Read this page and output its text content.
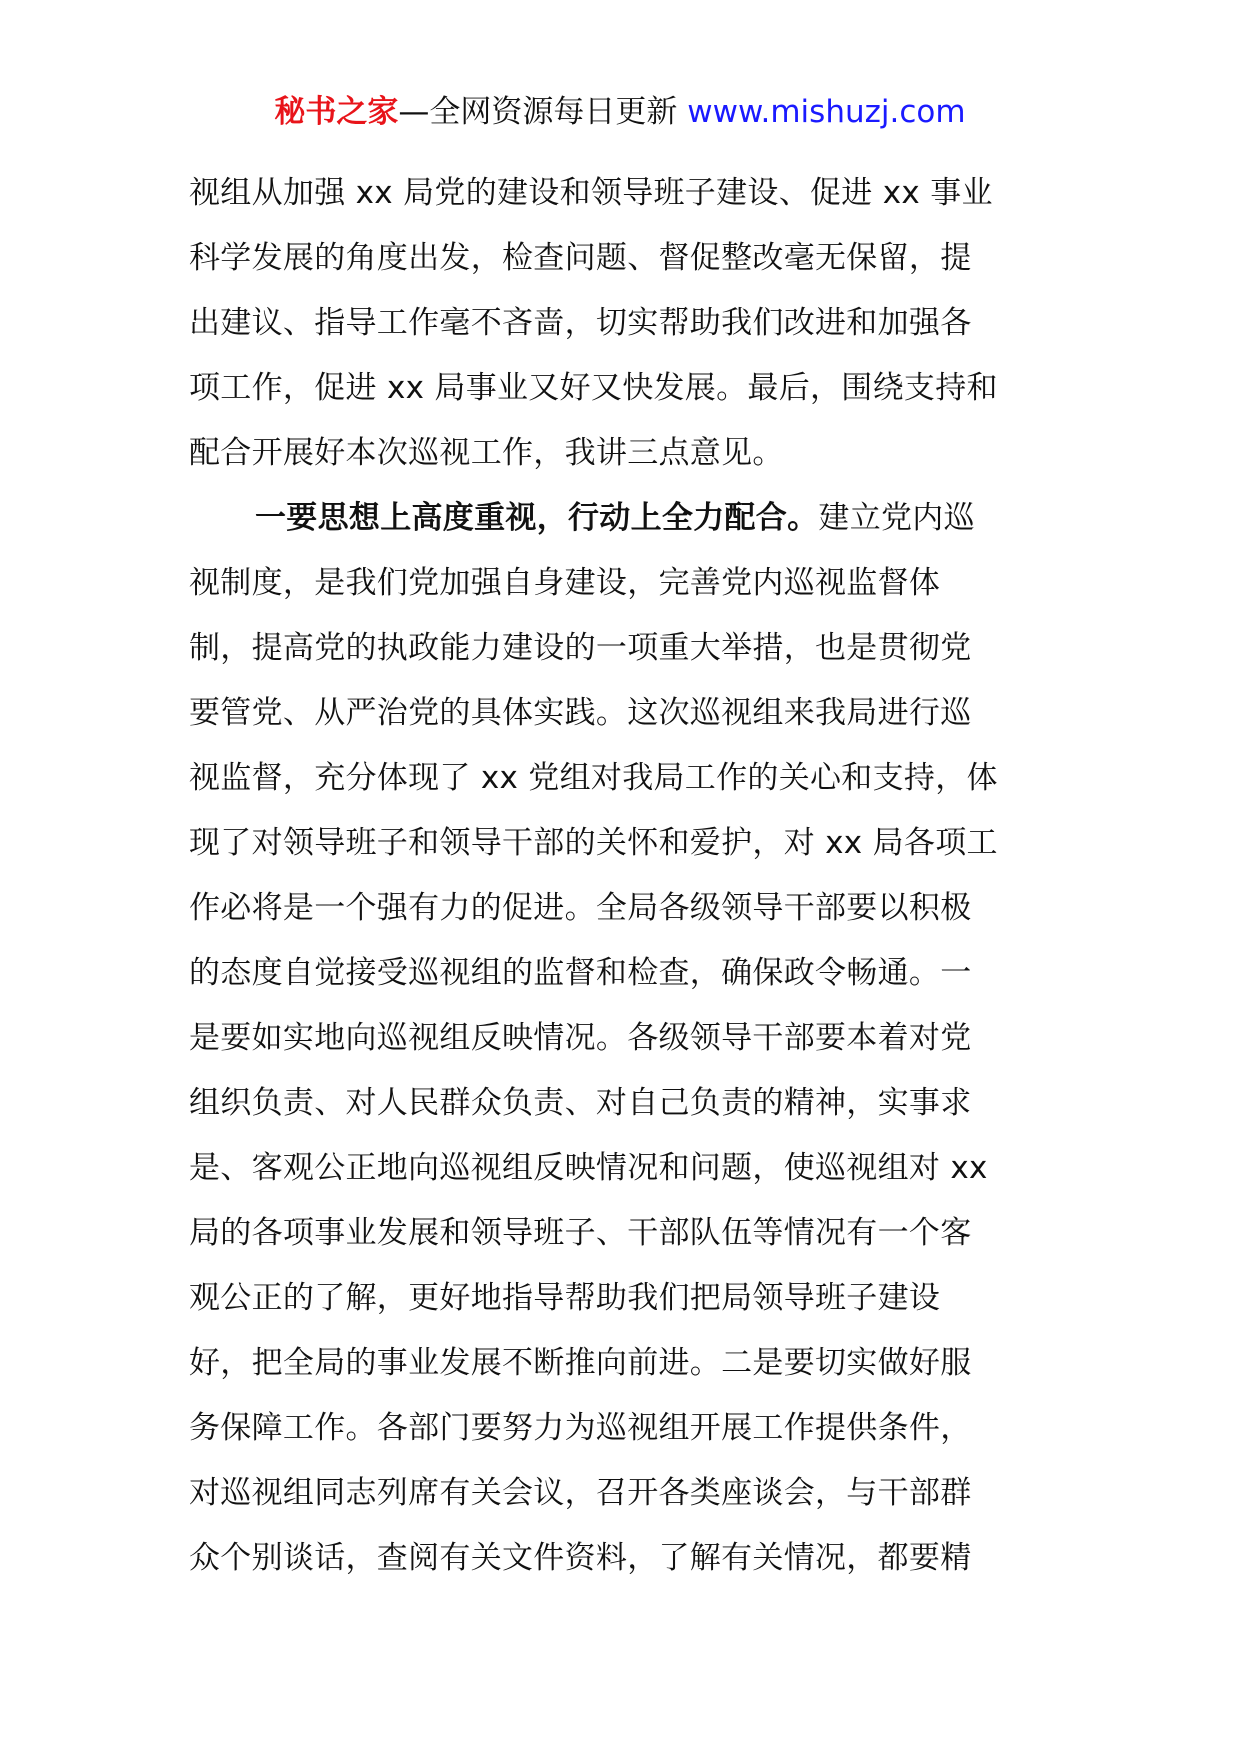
秘书之家—全网资源每日更新 www.mishuzj.com
视组从加强 xx 局党的建设和领导班子建设、促进 xx 事业
科学发展的角度出发，检查问题、督促整改毫无保留，提
出建议、指导工作毫不吝啬，切实帮助我们改进和加强各
项工作，促进 xx 局事业又好又快发展。最后，围绕支持和
配合开展好本次巡视工作，我讲三点意见。
一要思想上高度重视，行动上全力配合。建立党内巡
视制度，是我们党加强自身建设，完善党内巡视监督体
制，提高党的执政能力建设的一项重大举措，也是贯彻党
要管党、从严治党的具体实践。这次巡视组来我局进行巡
视监督，充分体现了 xx 党组对我局工作的关心和支持，体
现了对领导班子和领导干部的关怀和爱护，对 xx 局各项工
作必将是一个强有力的促进。全局各级领导干部要以积极
的态度自觉接受巡视组的监督和检查，确保政令畅通。一
是要如实地向巡视组反映情况。各级领导干部要本着对党
组织负责、对人民群众负责、对自己负责的精神，实事求
是、客观公正地向巡视组反映情况和问题，使巡视组对 xx
局的各项事业发展和领导班子、干部队伍等情况有一个客
观公正的了解，更好地指导帮助我们把局领导班子建设
好，把全局的事业发展不断推向前进。二是要切实做好服
务保障工作。各部门要努力为巡视组开展工作提供条件，
对巡视组同志列席有关会议，召开各类座谈会，与干部群
众个别谈话，查阅有关文件资料，了解有关情况，都要精
